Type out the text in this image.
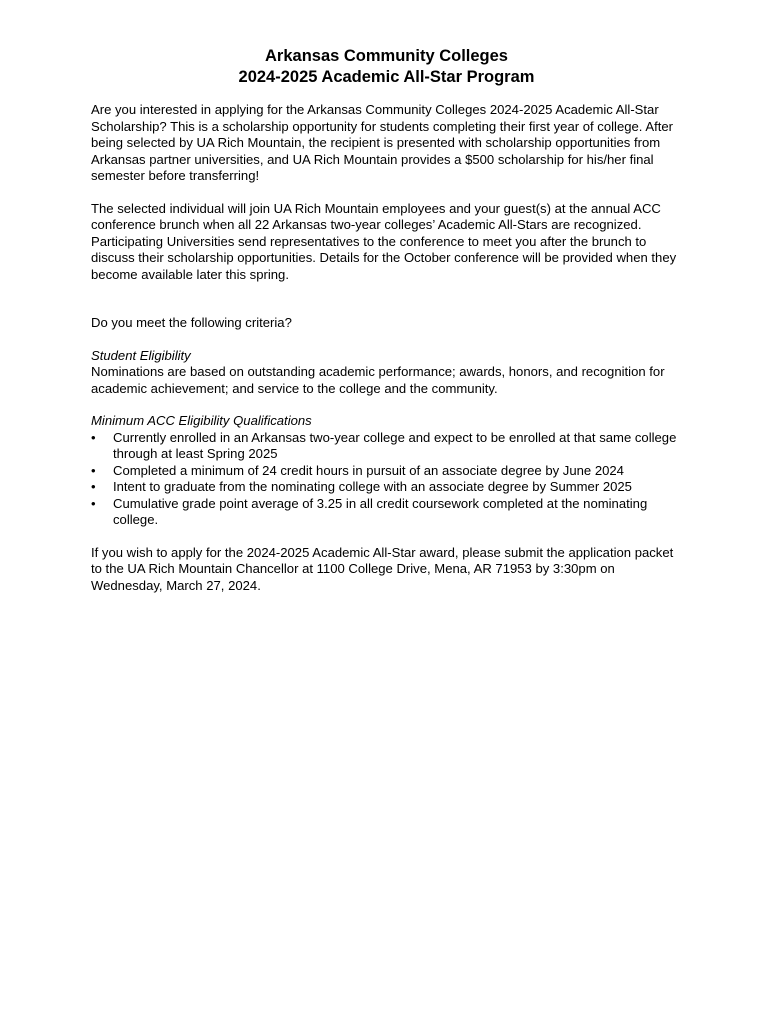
Arkansas Community Colleges

2024-2025 Academic All-Star Program

Are you interested in applying for the Arkansas Community Colleges 2024-2025 Academic All-Star Scholarship? This is a scholarship opportunity for students completing their first year of college. After being selected by UA Rich Mountain, the recipient is presented with scholarship opportunities from Arkansas partner universities, and UA Rich Mountain provides a $500 scholarship for his/her final semester before transferring!

The selected individual will join UA Rich Mountain employees and your guest(s) at the annual ACC conference brunch when all 22 Arkansas two-year colleges’ Academic All-Stars are recognized. Participating Universities send representatives to the conference to meet you after the brunch to discuss their scholarship opportunities. Details for the October conference will be provided when they become available later this spring.

Do you meet the following criteria?

Student Eligibility

Nominations are based on outstanding academic performance; awards, honors, and recognition for academic achievement; and service to the college and the community.

Minimum ACC Eligibility Qualifications

•	Currently enrolled in an Arkansas two-year college and expect to be enrolled at that same college through at least Spring 2025
•	Completed a minimum of 24 credit hours in pursuit of an associate degree by June 2024
•	Intent to graduate from the nominating college with an associate degree by Summer 2025
•	Cumulative grade point average of 3.25 in all credit coursework completed at the nominating college.

If you wish to apply for the 2024-2025 Academic All-Star award, please submit the application packet to the UA Rich Mountain Chancellor at 1100 College Drive, Mena, AR 71953 by 3:30pm on Wednesday, March 27, 2024.
